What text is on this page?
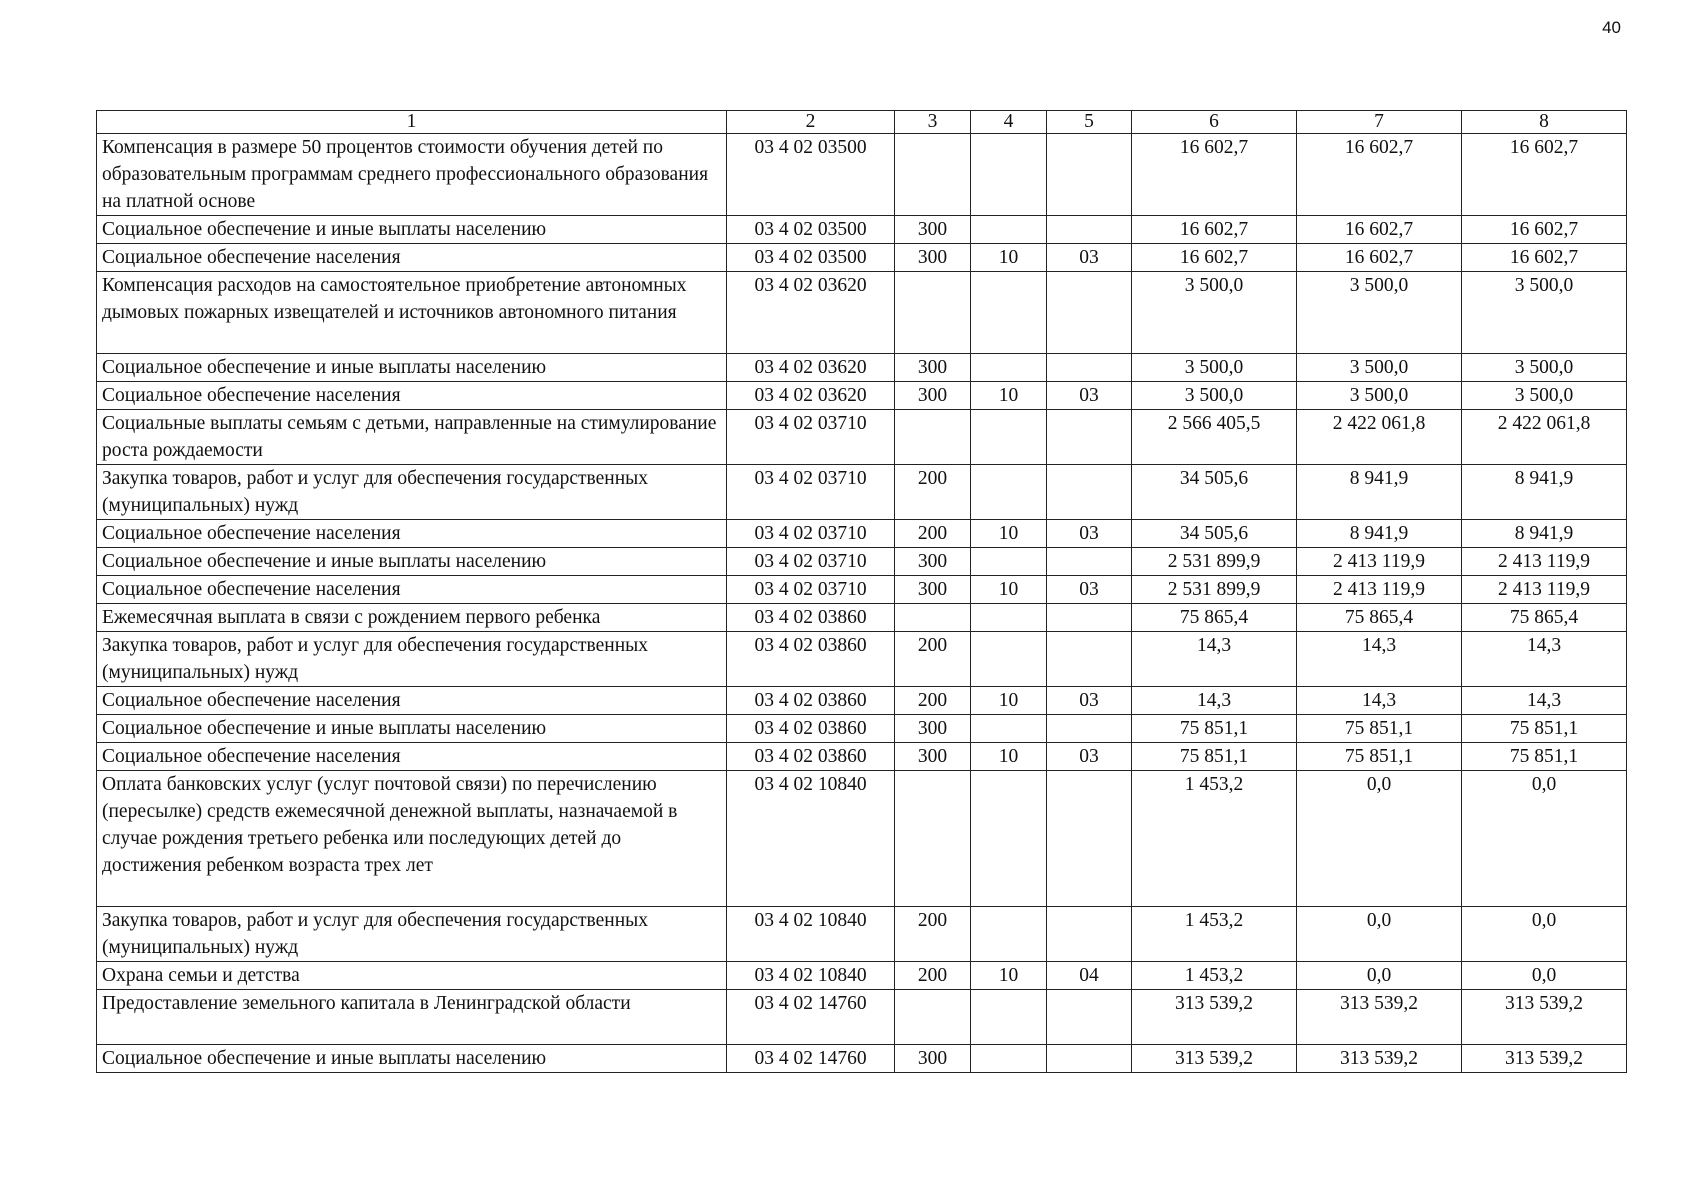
40
1	2	3	4	5	6	7	8
Компенсация в размере 50 процентов стоимости обучения детей по образовательным программам среднего профессионального образования на платной основе	03 4 02 03500				16 602,7	16 602,7	16 602,7
Социальное обеспечение и иные выплаты населению	03 4 02 03500	300			16 602,7	16 602,7	16 602,7
Социальное обеспечение населения	03 4 02 03500	300	10	03	16 602,7	16 602,7	16 602,7
Компенсация расходов на самостоятельное приобретение автономных дымовых пожарных извещателей и источников автономного питания	03 4 02 03620				3 500,0	3 500,0	3 500,0
Социальное обеспечение и иные выплаты населению	03 4 02 03620	300			3 500,0	3 500,0	3 500,0
Социальное обеспечение населения	03 4 02 03620	300	10	03	3 500,0	3 500,0	3 500,0
Социальные выплаты семьям с детьми, направленные на стимулирование роста рождаемости	03 4 02 03710				2 566 405,5	2 422 061,8	2 422 061,8
Закупка товаров, работ и услуг для обеспечения государственных (муниципальных) нужд	03 4 02 03710	200			34 505,6	8 941,9	8 941,9
Социальное обеспечение населения	03 4 02 03710	200	10	03	34 505,6	8 941,9	8 941,9
Социальное обеспечение и иные выплаты населению	03 4 02 03710	300			2 531 899,9	2 413 119,9	2 413 119,9
Социальное обеспечение населения	03 4 02 03710	300	10	03	2 531 899,9	2 413 119,9	2 413 119,9
Ежемесячная выплата в связи с рождением первого ребенка	03 4 02 03860				75 865,4	75 865,4	75 865,4
Закупка товаров, работ и услуг для обеспечения государственных (муниципальных) нужд	03 4 02 03860	200			14,3	14,3	14,3
Социальное обеспечение населения	03 4 02 03860	200	10	03	14,3	14,3	14,3
Социальное обеспечение и иные выплаты населению	03 4 02 03860	300			75 851,1	75 851,1	75 851,1
Социальное обеспечение населения	03 4 02 03860	300	10	03	75 851,1	75 851,1	75 851,1
Оплата банковских услуг (услуг почтовой связи) по перечислению (пересылке) средств ежемесячной денежной выплаты, назначаемой в случае рождения третьего ребенка или последующих детей до достижения ребенком возраста трех лет	03 4 02 10840				1 453,2	0,0	0,0
Закупка товаров, работ и услуг для обеспечения государственных (муниципальных) нужд	03 4 02 10840	200			1 453,2	0,0	0,0
Охрана семьи и детства	03 4 02 10840	200	10	04	1 453,2	0,0	0,0
Предоставление земельного капитала в Ленинградской области	03 4 02 14760				313 539,2	313 539,2	313 539,2
Социальное обеспечение и иные выплаты населению	03 4 02 14760	300			313 539,2	313 539,2	313 539,2
